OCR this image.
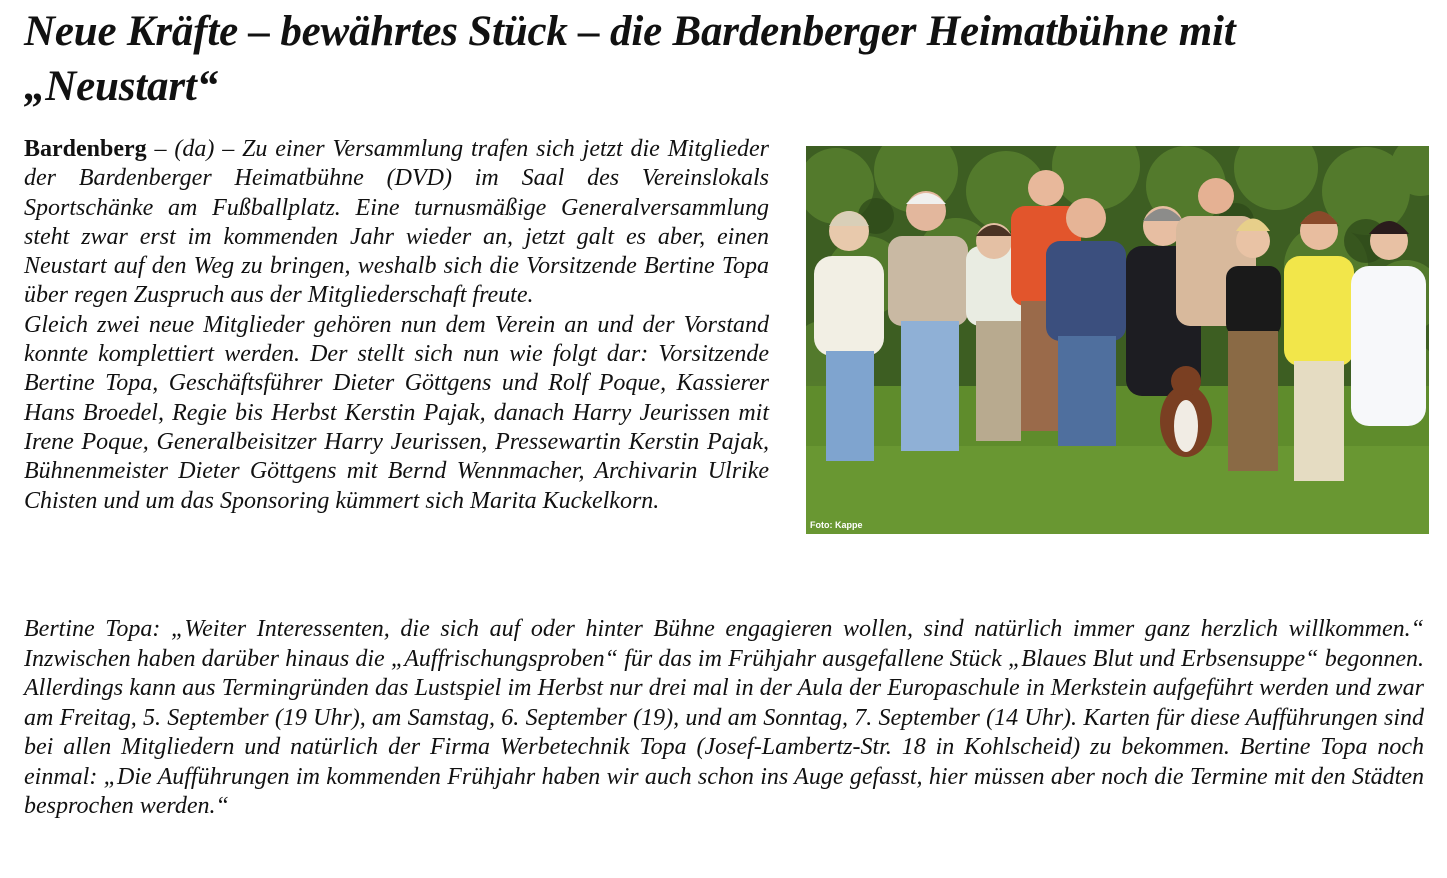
Neue Kräfte – bewährtes Stück – die Bardenberger Heimatbühne mit „Neustart“

Bardenberg – (da) – Zu einer Versammlung trafen sich jetzt die Mitglieder der Bardenberger Heimatbühne (DVD) im Saal des Vereinslokals Sportschänke am Fußballplatz. Eine turnusmäßige Generalversammlung steht zwar erst im kommenden Jahr wieder an, jetzt galt es aber, einen Neustart auf den Weg zu bringen, weshalb sich die Vorsitzende Bertine Topa über regen Zuspruch aus der Mitgliederschaft freute.

Gleich zwei neue Mitglieder gehören nun dem Verein an und der Vorstand konnte komplettiert werden. Der stellt sich nun wie folgt dar: Vorsitzende Bertine Topa, Geschäftsführer Dieter Göttgens und Rolf Poque, Kassierer Hans Broedel, Regie bis Herbst Kerstin Pajak, danach Harry Jeurissen mit Irene Poque, Generalbeisitzer Harry Jeurissen, Pressewartin Kerstin Pajak, Bühnenmeister Dieter Göttgens mit Bernd Wennmacher, Archivarin Ulrike Chisten und um das Sponsoring kümmert sich Marita Kuckelkorn.

Foto: Kappe

Bertine Topa: „Weiter Interessenten, die sich auf oder hinter Bühne engagieren wollen, sind natürlich immer ganz herzlich willkommen.“ Inzwischen haben darüber hinaus die „Auffrischungsproben“ für das im Frühjahr ausgefallene Stück „Blaues Blut und Erbsensuppe“ begonnen. Allerdings kann aus Termingründen das Lustspiel im Herbst nur drei mal in der Aula der Europaschule in Merkstein aufgeführt werden und zwar am Freitag, 5. September (19 Uhr), am Samstag, 6. September (19), und am Sonntag, 7. September (14 Uhr). Karten für diese Aufführungen sind bei allen Mitgliedern und natürlich der Firma Werbetechnik Topa (Josef-Lambertz-Str. 18 in Kohlscheid) zu bekommen. Bertine Topa noch einmal: „Die Aufführungen im kommenden Frühjahr haben wir auch schon ins Auge gefasst, hier müssen aber noch die Termine mit den Städten besprochen werden.“
